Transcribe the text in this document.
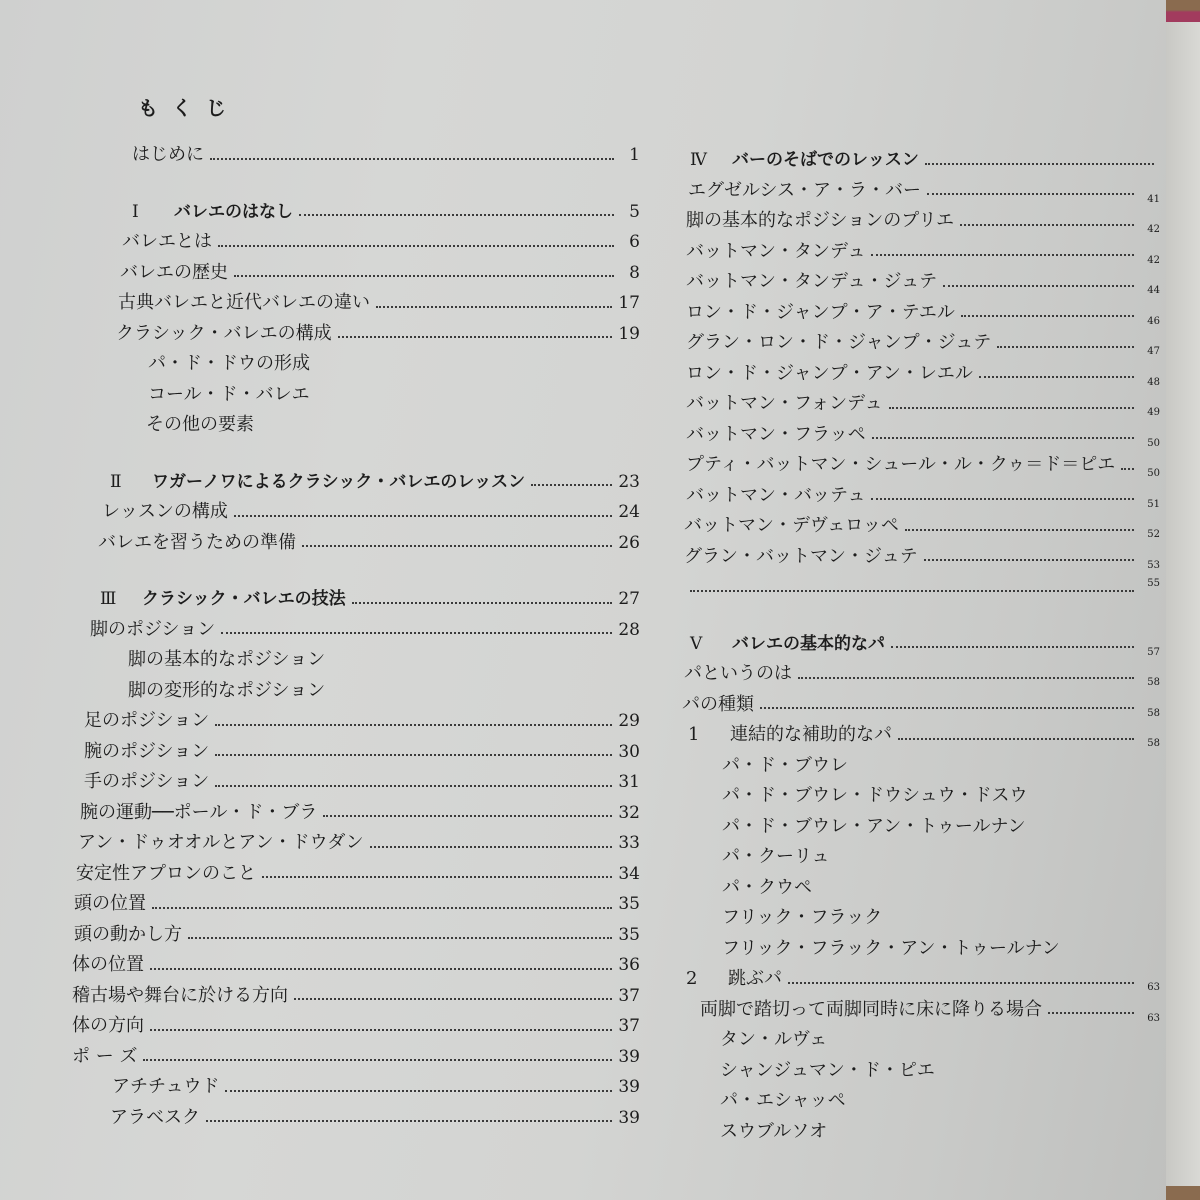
もくじ
はじめに	1
Ⅰ	バレエのはなし	5
バレエとは	6
バレエの歴史	8
古典バレエと近代バレエの違い	17
クラシック・バレエの構成	19
パ・ド・ドウの形成
コール・ド・バレエ
その他の要素
Ⅱ	ワガーノワによるクラシック・バレエのレッスン	23
レッスンの構成	24
バレエを習うための準備	26
Ⅲ	クラシック・バレエの技法	27
脚のポジション	28
脚の基本的なポジション
脚の変形的なポジション
足のポジション	29
腕のポジション	30
手のポジション	31
腕の運動──ポール・ド・ブラ	32
アン・ドゥオオルとアン・ドウダン	33
安定性アプロンのこと	34
頭の位置	35
頭の動かし方	35
体の位置	36
稽古場や舞台に於ける方向	37
体の方向	37
ポ ー ズ	39
アチチュウド	39
アラベスク	39
Ⅳ	バーのそばでのレッスン
エグゼルシス・ア・ラ・バー	41
脚の基本的なポジションのプリエ	42
バットマン・タンデュ	42
バットマン・タンデュ・ジュテ	44
ロン・ド・ジャンプ・ア・テエル	46
グラン・ロン・ド・ジャンプ・ジュテ	47
ロン・ド・ジャンプ・アン・レエル	48
バットマン・フォンデュ	49
バットマン・フラッペ	50
プティ・バットマン・シュール・ル・クゥ＝ド＝ピエ	50
バットマン・バッテュ	51
バットマン・デヴェロッペ	52
グラン・バットマン・ジュテ	53
55
Ⅴ	バレエの基本的なパ	57
パというのは	58
パの種類	58
1	連結的な補助的なパ	58
パ・ド・ブウレ
パ・ド・ブウレ・ドウシュウ・ドスウ
パ・ド・ブウレ・アン・トゥールナン
パ・クーリュ
パ・クウペ
フリック・フラック
フリック・フラック・アン・トゥールナン
2	跳ぶパ	63
両脚で踏切って両脚同時に床に降りる場合	63
タン・ルヴェ
シャンジュマン・ド・ピエ
パ・エシャッペ
スウブルソオ
